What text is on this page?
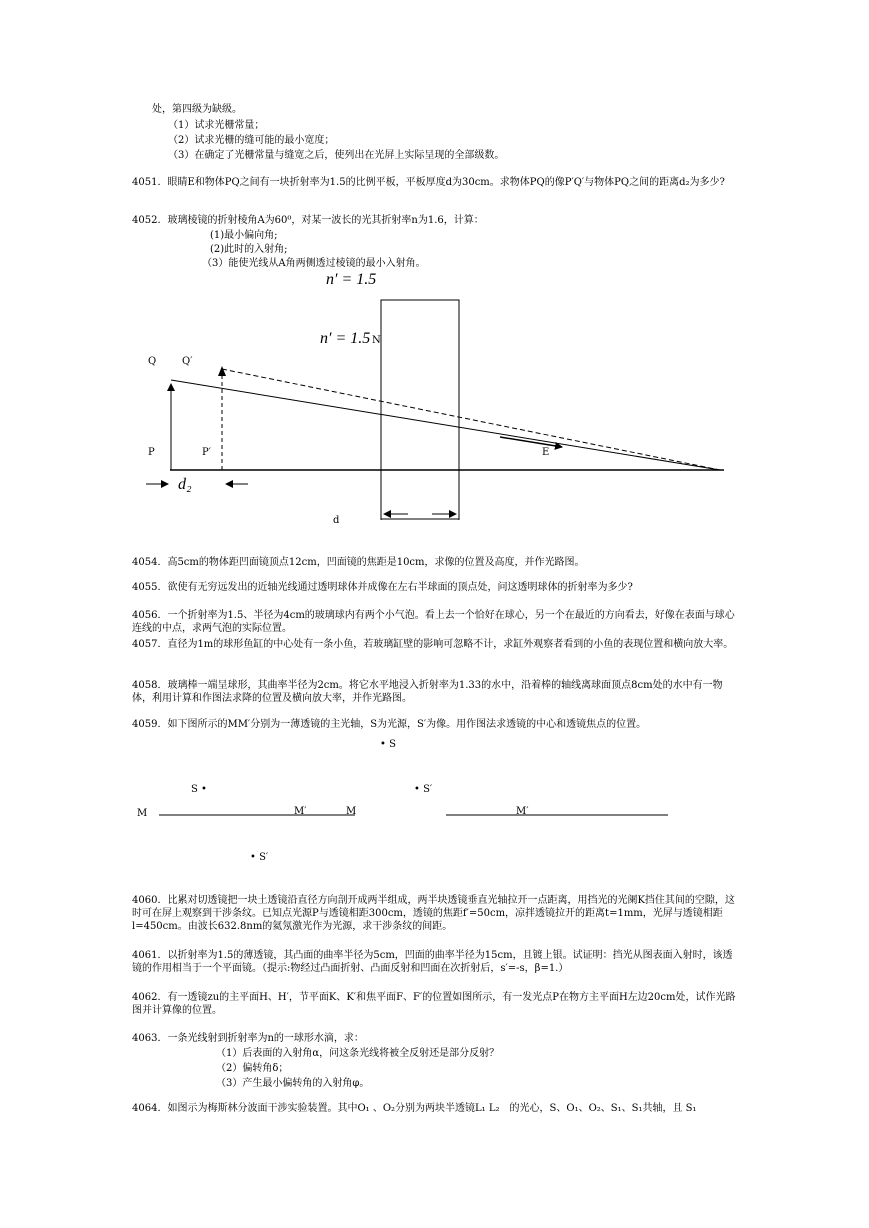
处，第四级为缺级。
（1）试求光栅常量；
（2）试求光栅的缝可能的最小宽度；
（3）在确定了光栅常量与缝宽之后，使列出在光屏上实际呈现的全部级数。
4051．眼睛E和物体PQ之间有一块折射率为1.5的比例平板，平板厚度d为30cm。求物体PQ的像P′Q′与物体PQ之间的距离d₂为多少?
4052．玻璃棱镜的折射棱角A为60⁰，对某一波长的光其折射率n为1.6，计算：
(1)最小偏向角;
(2)此时的入射角;
（3）能使光线从A角两侧透过棱镜的最小入射角。
n′ = 1.5
n′ = 1.5 N
Q	Q′
P	P′	E
d₂
d
4054．高5cm的物体距凹面镜顶点12cm，凹面镜的焦距是10cm，求像的位置及高度，并作光路图。
4055．欲使有无穷远发出的近轴光线通过透明球体并成像在左右半球面的顶点处，问这透明球体的折射率为多少?
4056．一个折射率为1.5、半径为4cm的玻璃球内有两个小气泡。看上去一个恰好在球心，另一个在最近的方向看去，好像在表面与球心连线的中点，求两气泡的实际位置。
4057．直径为1m的球形鱼缸的中心处有一条小鱼，若玻璃缸壁的影响可忽略不计，求缸外观察者看到的小鱼的表现位置和横向放大率。
4058．玻璃棒一端呈球形，其曲率半径为2cm。将它水平地浸入折射率为1.33的水中，沿着棒的轴线离球面顶点8cm处的水中有一物体，利用计算和作图法求降的位置及横向放大率，并作光路图。
4059．如下图所示的MM′分别为一薄透镜的主光轴，S为光源，S′为像。用作图法求透镜的中心和透镜焦点的位置。
• S
S •	• S′
M	M′	M	M′
• S′
4060．比累对切透镜把一块土透镜沿直径方向剖开成两半组成，两半块透镜垂直光轴拉开一点距离，用挡光的光阑K挡住其间的空隙，这时可在屏上观察到干涉条纹。已知点光源P与透镜相距300cm，透镜的焦距f′=50cm，凉拌透镜拉开的距离t=1mm，光屏与透镜相距l=450cm。由波长632.8nm的氦氖激光作为光源，求干涉条纹的间距。
4061．以折射率为1.5的薄透镜，其凸面的曲率半径为5cm，凹面的曲率半径为15cm，且镀上银。试证明：挡光从图表面入射时，该透镜的作用相当于一个平面镜。（提示:物经过凸面折射、凸面反射和凹面在次折射后，s′=-s，β=1.）
4062．有一透镜zu的主平面H、H′，节平面K、K′和焦平面F、F′的位置如图所示，有一发光点P在物方主平面H左边20cm处，试作光路图并计算像的位置。
4063．一条光线射到折射率为n的一球形水滴，求：
（1）后表面的入射角α，问这条光线将被全反射还是部分反射？
（2）偏转角δ；
（3）产生最小偏转角的入射角φ。
4064．如图示为梅斯林分波面干涉实验装置。其中O₁ 、O₂分别为两块半透镜L₁ L₂　的光心，S、O₁、O₂、S₁、S₁共轴，且 S₁
